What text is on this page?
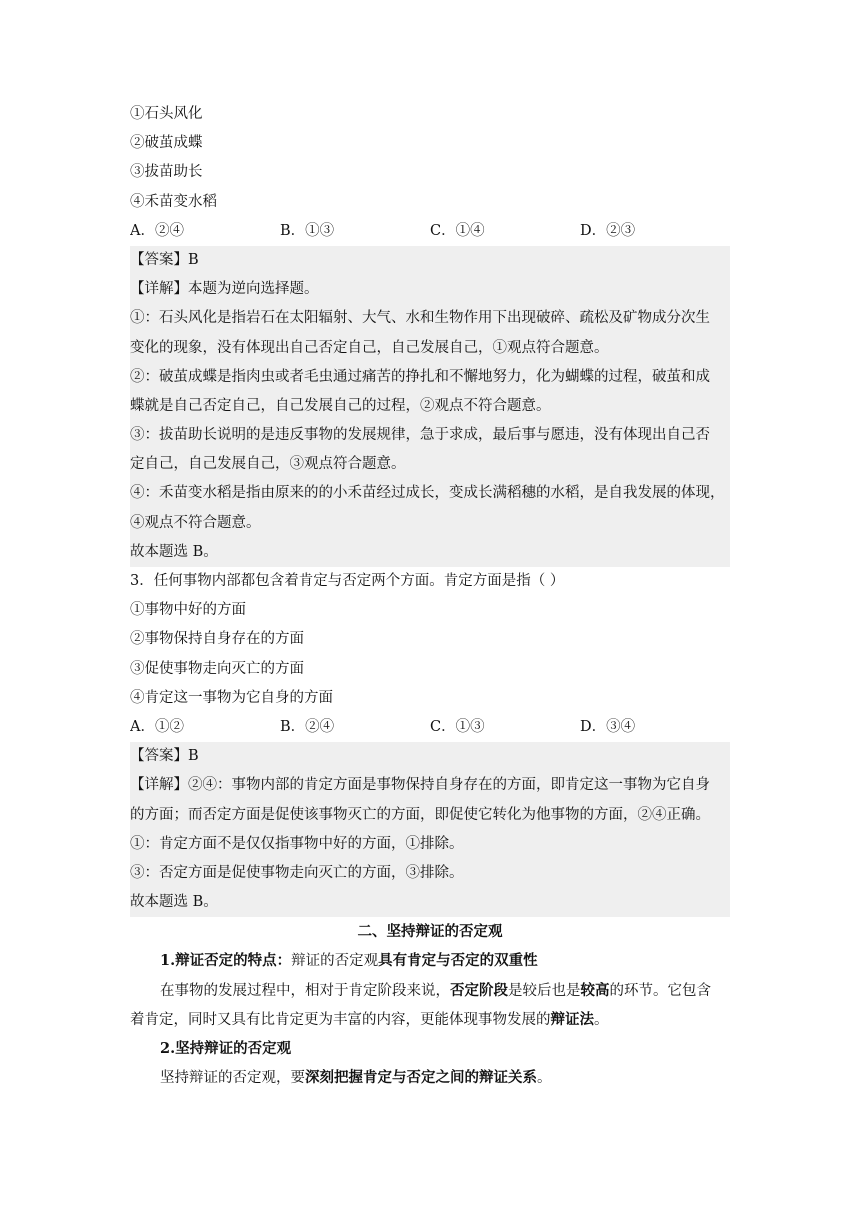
①石头风化
②破茧成蝶
③拔苗助长
④禾苗变水稻
A．②④	B．①③	C．①④	D．②③
【答案】B
【详解】本题为逆向选择题。
①：石头风化是指岩石在太阳辐射、大气、水和生物作用下出现破碎、疏松及矿物成分次生
变化的现象，没有体现出自己否定自己，自己发展自己，①观点符合题意。
②：破茧成蝶是指肉虫或者毛虫通过痛苦的挣扎和不懈地努力，化为蝴蝶的过程，破茧和成
蝶就是自己否定自己，自己发展自己的过程，②观点不符合题意。
③：拔苗助长说明的是违反事物的发展规律，急于求成，最后事与愿违，没有体现出自己否
定自己，自己发展自己，③观点符合题意。
④：禾苗变水稻是指由原来的的小禾苗经过成长，变成长满稻穗的水稻，是自我发展的体现，
④观点不符合题意。
故本题选 B。
3．任何事物内部都包含着肯定与否定两个方面。肯定方面是指（ ）
①事物中好的方面
②事物保持自身存在的方面
③促使事物走向灭亡的方面
④肯定这一事物为它自身的方面
A．①②	B．②④	C．①③	D．③④
【答案】B
【详解】②④：事物内部的肯定方面是事物保持自身存在的方面，即肯定这一事物为它自身
的方面；而否定方面是促使该事物灭亡的方面，即促使它转化为他事物的方面，②④正确。
①：肯定方面不是仅仅指事物中好的方面，①排除。
③：否定方面是促使事物走向灭亡的方面，③排除。
故本题选 B。
二、坚持辩证的否定观
1.辩证否定的特点：辩证的否定观具有肯定与否定的双重性
在事物的发展过程中，相对于肯定阶段来说，否定阶段是较后也是较高的环节。它包含
着肯定，同时又具有比肯定更为丰富的内容，更能体现事物发展的辩证法。
2.坚持辩证的否定观
坚持辩证的否定观，要深刻把握肯定与否定之间的辩证关系。
